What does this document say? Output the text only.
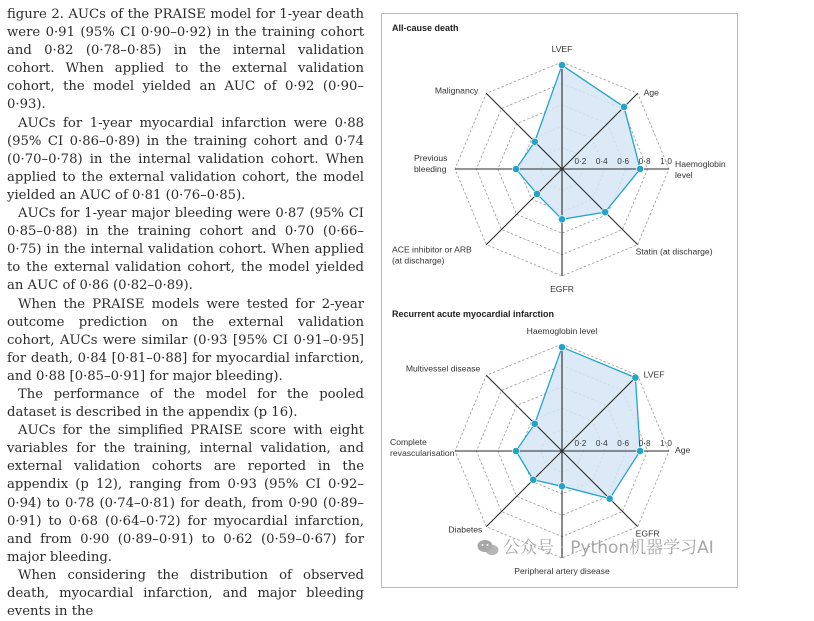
figure 2. AUCs of the PRAISE model for 1-year death were 0·91 (95% CI 0·90–0·92) in the training cohort and 0·82 (0·78–0·85) in the internal validation cohort. When applied to the external validation cohort, the model yielded an AUC of 0·92 (0·90–0·93).

AUCs for 1-year myocardial infarction were 0·88 (95% CI 0·86–0·89) in the training cohort and 0·74 (0·70–0·78) in the internal validation cohort. When applied to the external validation cohort, the model yielded an AUC of 0·81 (0·76–0·85).

AUCs for 1-year major bleeding were 0·87 (95% CI 0·85–0·88) in the training cohort and 0·70 (0·66–0·75) in the internal validation cohort. When applied to the external validation cohort, the model yielded an AUC of 0·86 (0·82–0·89).

When the PRAISE models were tested for 2-year outcome prediction on the external validation cohort, AUCs were similar (0·93 [95% CI 0·91–0·95] for death, 0·84 [0·81–0·88] for myocardial infarction, and 0·88 [0·85–0·91] for major bleeding).

The performance of the model for the pooled dataset is described in the appendix (p 16).

AUCs for the simplified PRAISE score with eight variables for the training, internal validation, and external validation cohorts are reported in the appendix (p 12), ranging from 0·93 (95% CI 0·92–0·94) to 0·78 (0·74–0·81) for death, from 0·90 (0·89–0·91) to 0·68 (0·64–0·72) for myocardial infarction, and from 0·90 (0·89–0·91) to 0·62 (0·59–0·67) for major bleeding.

When considering the distribution of observed death, myocardial infarction, and major bleeding events in the

All-cause death
Recurrent acute myocardial infarction
0·2 0·4 0·6 0·8 1·0
LVEF
Age
Haemoglobin level
Statin (at discharge)
EGFR
ACE inhibitor or ARB (at discharge)
Previous bleeding
Malignancy
0·2 0·4 0·6 0·8 1·0
Haemoglobin level
LVEF
Age
EGFR
Peripheral artery disease
Diabetes
Complete revascularisation
Multivessel disease
公众号 · Python机器学习AI
